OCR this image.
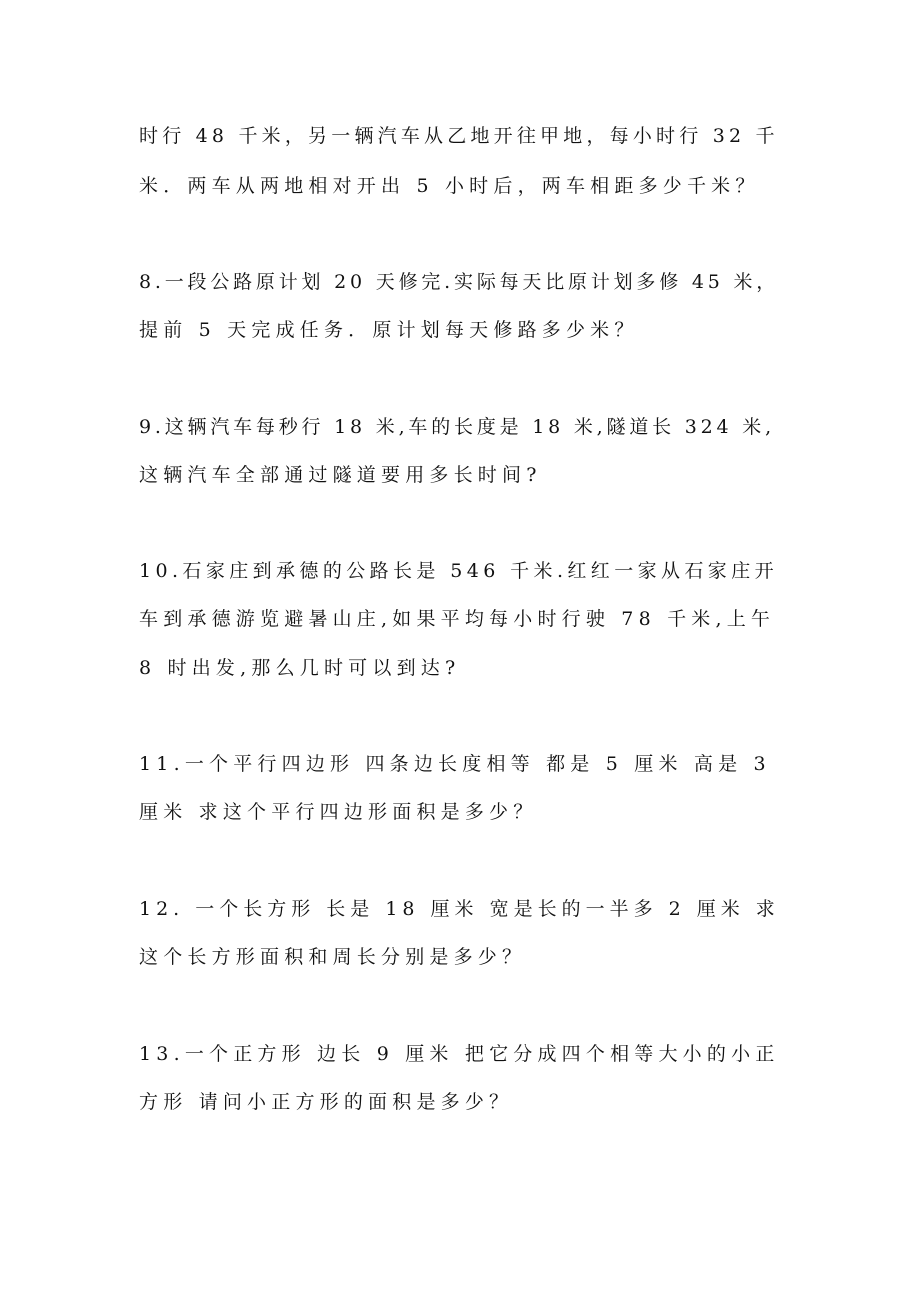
时行 48 千米，另一辆汽车从乙地开往甲地，每小时行 32 千
米．两车从两地相对开出 5 小时后，两车相距多少千米？
8.一段公路原计划 20 天修完.实际每天比原计划多修 45 米，
提前 5 天完成任务．原计划每天修路多少米？
9.这辆汽车每秒行 18 米,车的长度是 18 米,隧道长 324 米,
这辆汽车全部通过隧道要用多长时间?
10.石家庄到承德的公路长是 546 千米.红红一家从石家庄开
车到承德游览避暑山庄,如果平均每小时行驶 78 千米,上午
8 时出发,那么几时可以到达?
11.一个平行四边形 四条边长度相等 都是 5 厘米 高是 3
厘米 求这个平行四边形面积是多少？
12. 一个长方形 长是 18 厘米 宽是长的一半多 2 厘米 求
这个长方形面积和周长分别是多少？
13.一个正方形 边长 9 厘米 把它分成四个相等大小的小正
方形 请问小正方形的面积是多少？
